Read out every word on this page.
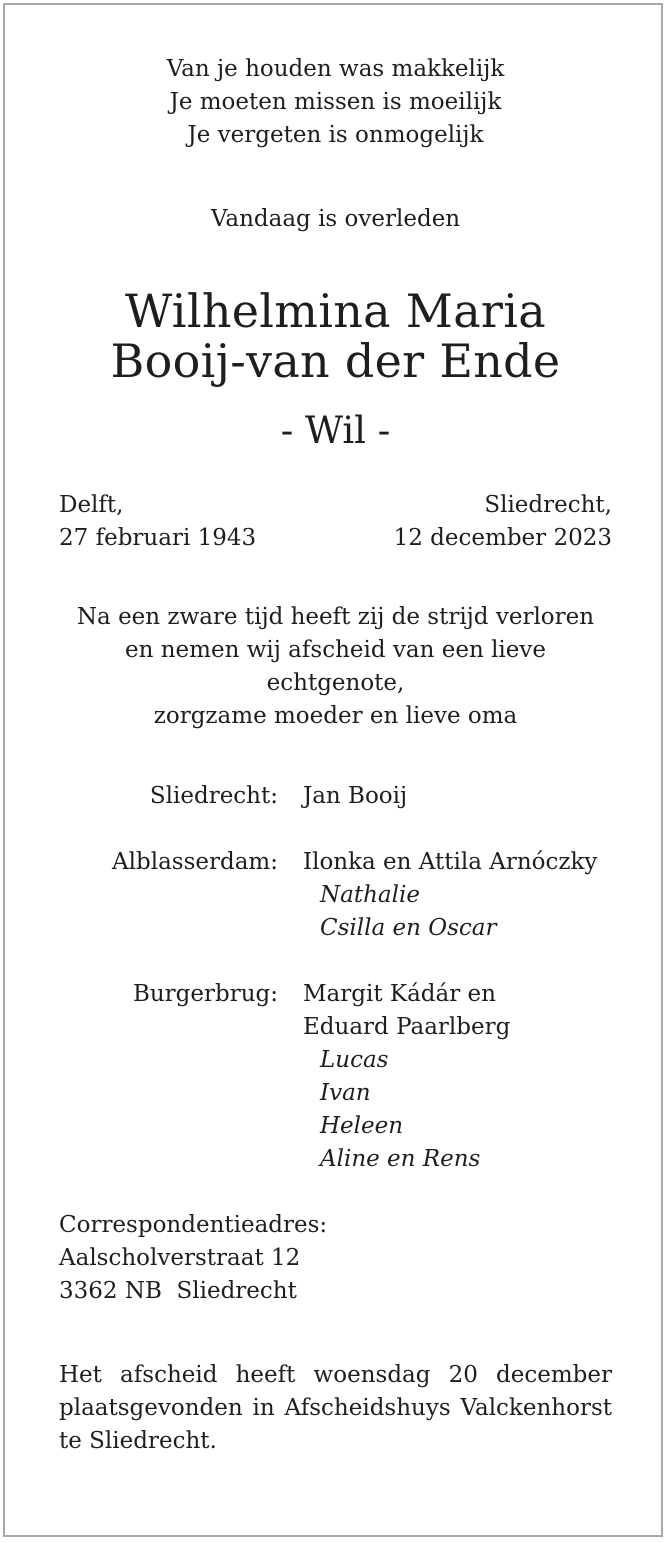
Van je houden was makkelijk
Je moeten missen is moeilijk
Je vergeten is onmogelijk
Vandaag is overleden
Wilhelmina Maria
Booij-van der Ende
- Wil -
Delft,
27 februari 1943
Sliedrecht,
12 december 2023
Na een zware tijd heeft zij de strijd verloren
en nemen wij afscheid van een lieve echtgenote,
zorgzame moeder en lieve oma
Sliedrecht: Jan Booij
Alblasserdam: Ilonka en Attila Arnóczky
Nathalie
Csilla en Oscar
Burgerbrug: Margit Kádár en
Eduard Paarlberg
Lucas
Ivan
Heleen
Aline en Rens
Correspondentieadres:
Aalscholverstraat 12
3362 NB  Sliedrecht
Het afscheid heeft woensdag 20 december
plaatsgevonden in Afscheidshuys Valckenhorst
te Sliedrecht.
